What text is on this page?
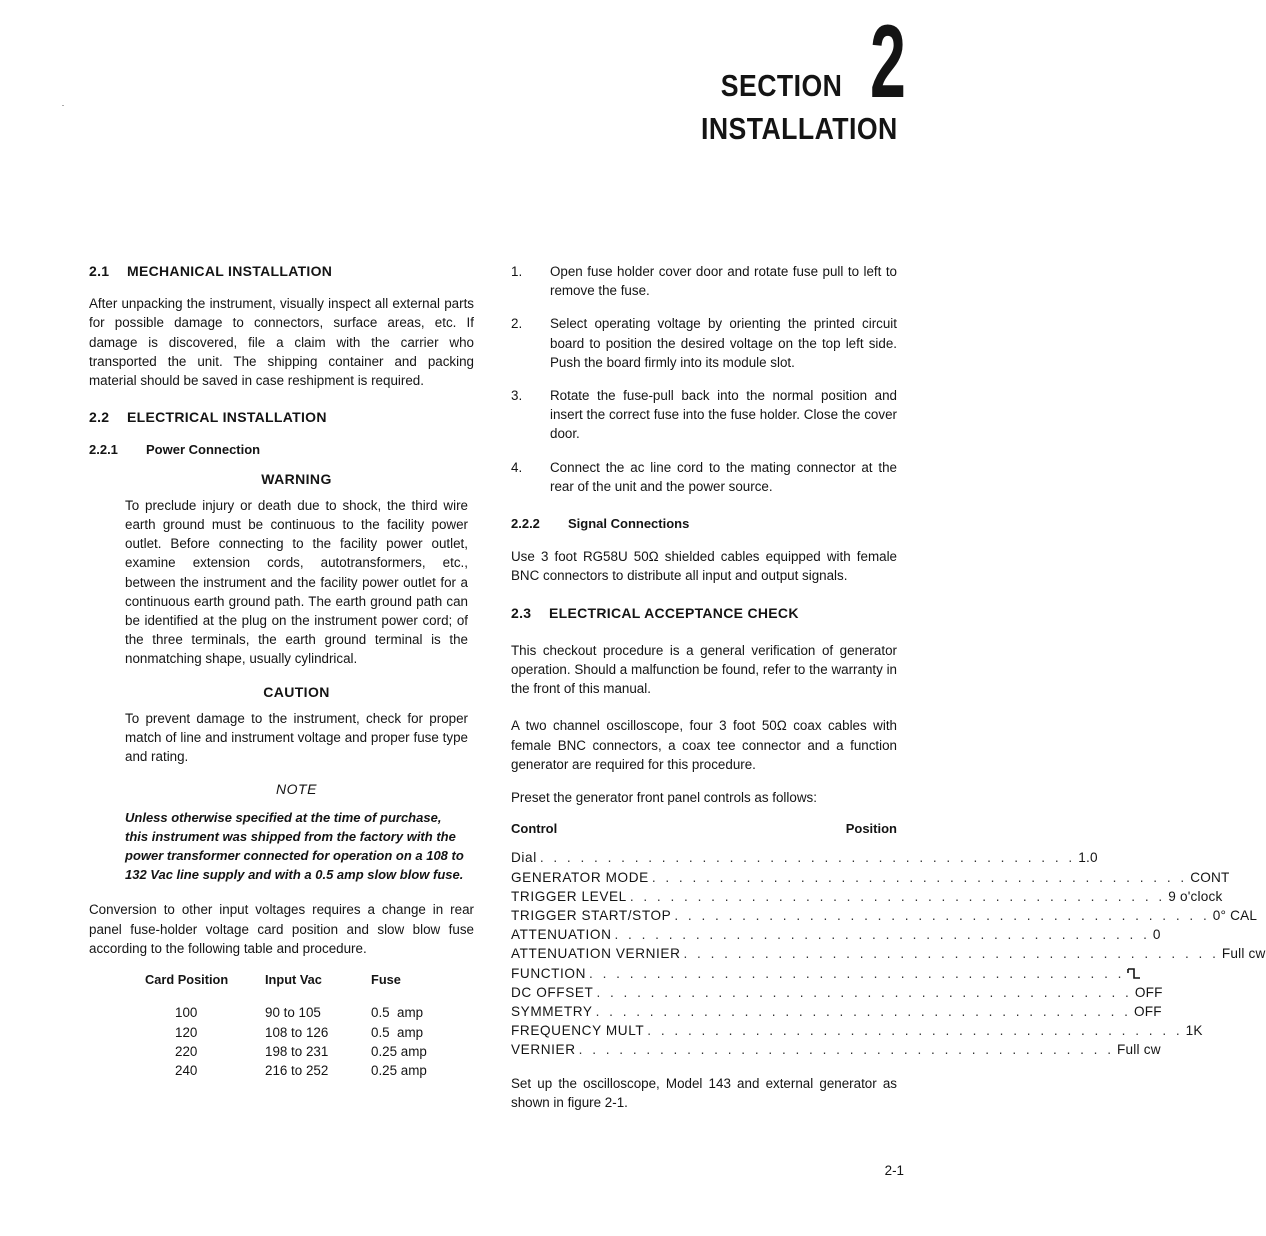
SECTION 2
INSTALLATION
2.1	MECHANICAL INSTALLATION

After unpacking the instrument, visually inspect all external parts for possible damage to connectors, surface areas, etc. If damage is discovered, file a claim with the carrier who transported the unit. The shipping container and packing material should be saved in case reshipment is required.

2.2	ELECTRICAL INSTALLATION
2.2.1	Power Connection
WARNING
To preclude injury or death due to shock, the third wire earth ground must be continuous to the facility power outlet. Before connecting to the facility power outlet, examine extension cords, autotransformers, etc., between the instrument and the facility power outlet for a continuous earth ground path. The earth ground path can be identified at the plug on the instrument power cord; of the three terminals, the earth ground terminal is the nonmatching shape, usually cylindrical.
CAUTION
To prevent damage to the instrument, check for proper match of line and instrument voltage and proper fuse type and rating.
NOTE
Unless otherwise specified at the time of purchase, this instrument was shipped from the factory with the power transformer connected for operation on a 108 to 132 Vac line supply and with a 0.5 amp slow blow fuse.

Conversion to other input voltages requires a change in rear panel fuse-holder voltage card position and slow blow fuse according to the following table and procedure.

Card Position	Input Vac	Fuse
100	90 to 105	0.5  amp
120	108 to 126	0.5  amp
220	198 to 231	0.25 amp
240	216 to 252	0.25 amp
1.	Open fuse holder cover door and rotate fuse pull to left to remove the fuse.
2.	Select operating voltage by orienting the printed circuit board to position the desired voltage on the top left side. Push the board firmly into its module slot.
3.	Rotate the fuse-pull back into the normal position and insert the correct fuse into the fuse holder. Close the cover door.
4.	Connect the ac line cord to the mating connector at the rear of the unit and the power source.
2.2.2	Signal Connections

Use 3 foot RG58U 50Ω shielded cables equipped with female BNC connectors to distribute all input and output signals.

2.3	ELECTRICAL ACCEPTANCE CHECK

This checkout procedure is a general verification of generator operation. Should a malfunction be found, refer to the warranty in the front of this manual.

A two channel oscilloscope, four 3 foot 50Ω coax cables with female BNC connectors, a coax tee connector and a function generator are required for this procedure.

Preset the generator front panel controls as follows:

Control	Position
Dial . . . . . . . . . . . . . . . . . . . . . . . . . . . . . . . . . . . . . . . . 1.0
GENERATOR MODE . . . . . . . . . . . . . . . . . . . . . . . . . . . . . . . . . . . . . . . . CONT
TRIGGER LEVEL . . . . . . . . . . . . . . . . . . . . . . . . . . . . . . . . . . . . . . . . 9 o'clock
TRIGGER START/STOP . . . . . . . . . . . . . . . . . . . . . . . . . . . . . . . . . . . . . . . . 0° CAL
ATTENUATION . . . . . . . . . . . . . . . . . . . . . . . . . . . . . . . . . . . . . . . . 0
ATTENUATION VERNIER . . . . . . . . . . . . . . . . . . . . . . . . . . . . . . . . . . . . . . . . Full cw
FUNCTION . . . . . . . . . . . . . . . . . . . . . . . . . . . . . . . . . . . . . . . .
DC OFFSET . . . . . . . . . . . . . . . . . . . . . . . . . . . . . . . . . . . . . . . . OFF
SYMMETRY . . . . . . . . . . . . . . . . . . . . . . . . . . . . . . . . . . . . . . . . OFF
FREQUENCY MULT . . . . . . . . . . . . . . . . . . . . . . . . . . . . . . . . . . . . . . . . 1K
VERNIER . . . . . . . . . . . . . . . . . . . . . . . . . . . . . . . . . . . . . . . . Full cw

Set up the oscilloscope, Model 143 and external generator as shown in figure 2-1.

2-1
